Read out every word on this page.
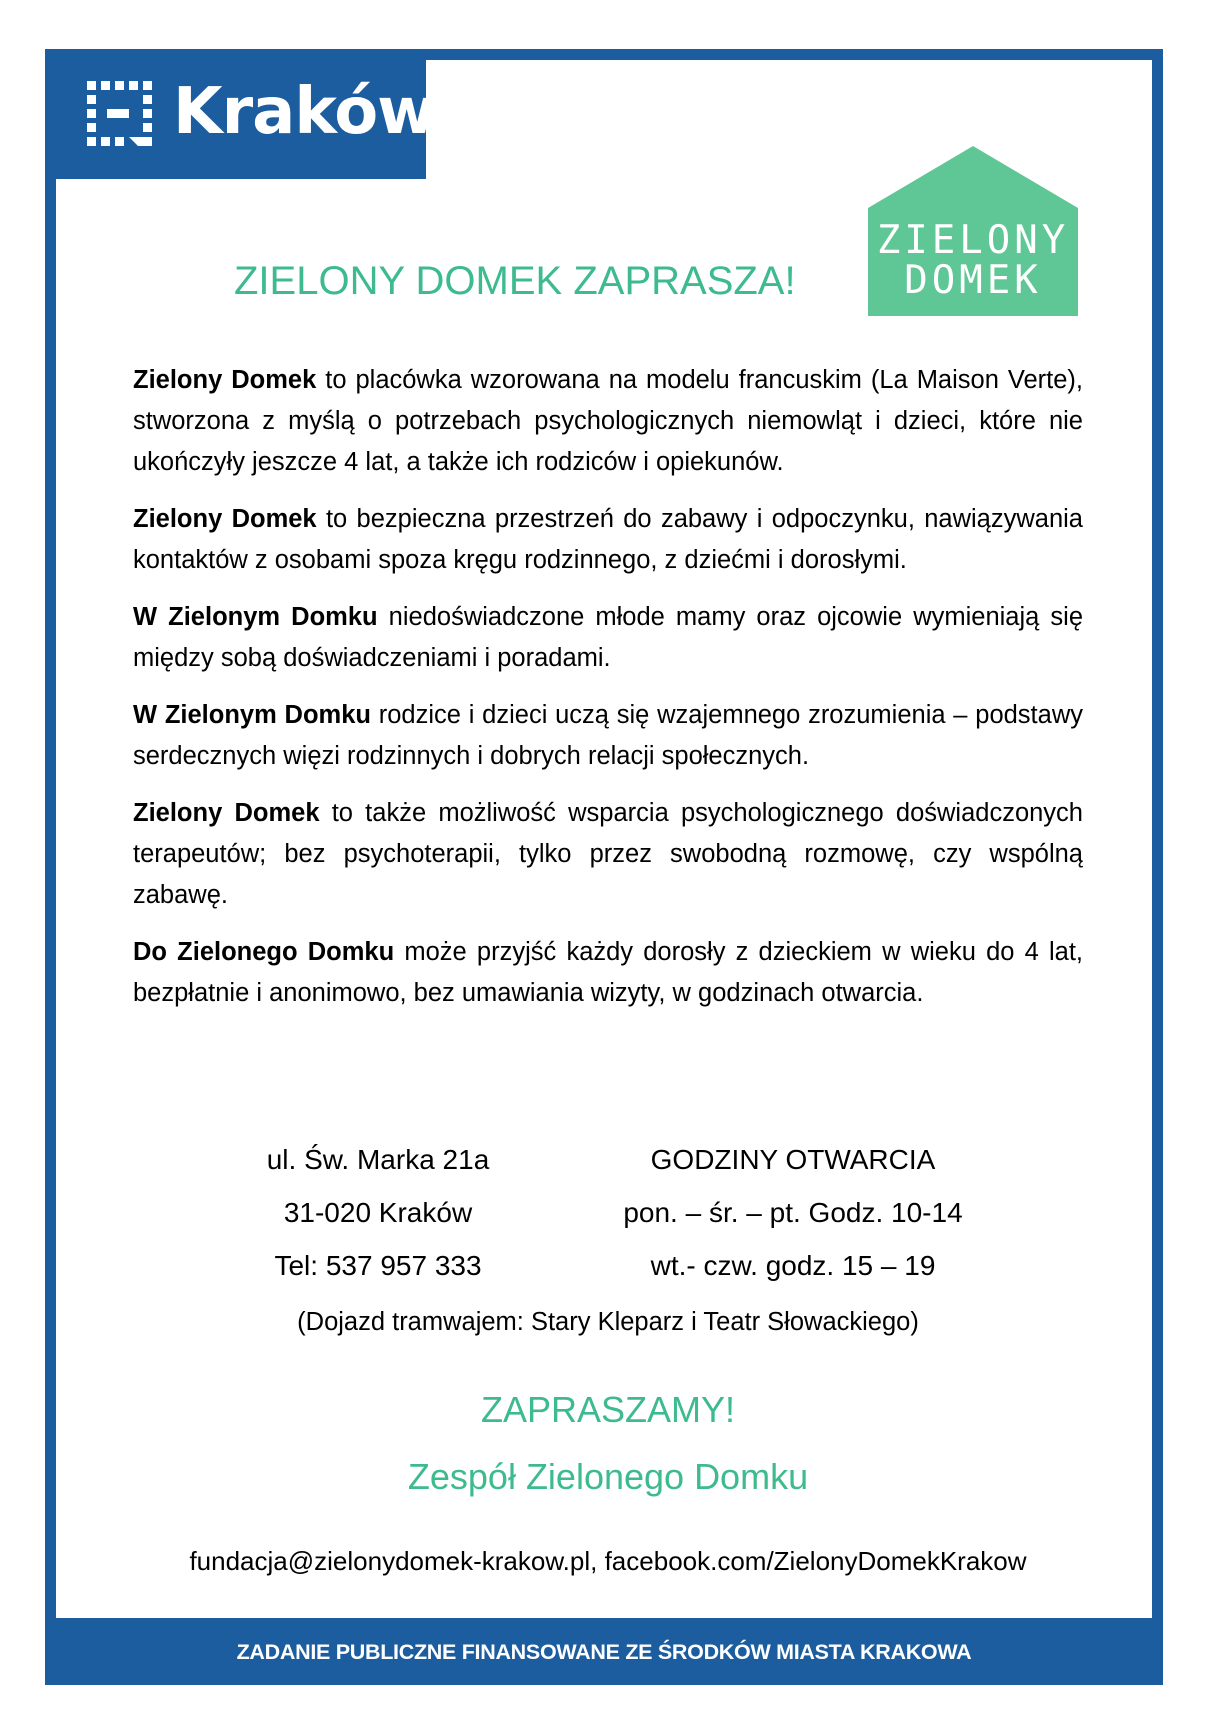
Kraków
ZIELONY
DOMEK
ZIELONY DOMEK ZAPRASZA!

Zielony Domek to placówka wzorowana na modelu francuskim (La Maison Verte), stworzona z myślą o potrzebach psychologicznych niemowląt i dzieci, które nie ukończyły jeszcze 4 lat, a także ich rodziców i opiekunów.

Zielony Domek to bezpieczna przestrzeń do zabawy i odpoczynku, nawiązywania kontaktów z osobami spoza kręgu rodzinnego, z dziećmi i dorosłymi.

W Zielonym Domku niedoświadczone młode mamy oraz ojcowie wymieniają się między sobą doświadczeniami i poradami.

W Zielonym Domku rodzice i dzieci uczą się wzajemnego zrozumienia – podstawy serdecznych więzi rodzinnych i dobrych relacji społecznych.

Zielony Domek to także możliwość wsparcia psychologicznego doświadczonych terapeutów; bez psychoterapii, tylko przez swobodną rozmowę, czy wspólną zabawę.

Do Zielonego Domku może przyjść każdy dorosły z dzieckiem w wieku do 4 lat, bezpłatnie i anonimowo, bez umawiania wizyty, w godzinach otwarcia.

ul. Św. Marka 21a
31-020 Kraków
Tel: 537 957 333
GODZINY OTWARCIA
pon. – śr. – pt. Godz. 10-14
wt.- czw. godz. 15 – 19
(Dojazd tramwajem: Stary Kleparz i Teatr Słowackiego)
ZAPRASZAMY!
Zespół Zielonego Domku
fundacja@zielonydomek-krakow.pl, facebook.com/ZielonyDomekKrakow
ZADANIE PUBLICZNE FINANSOWANE ZE ŚRODKÓW MIASTA KRAKOWA
